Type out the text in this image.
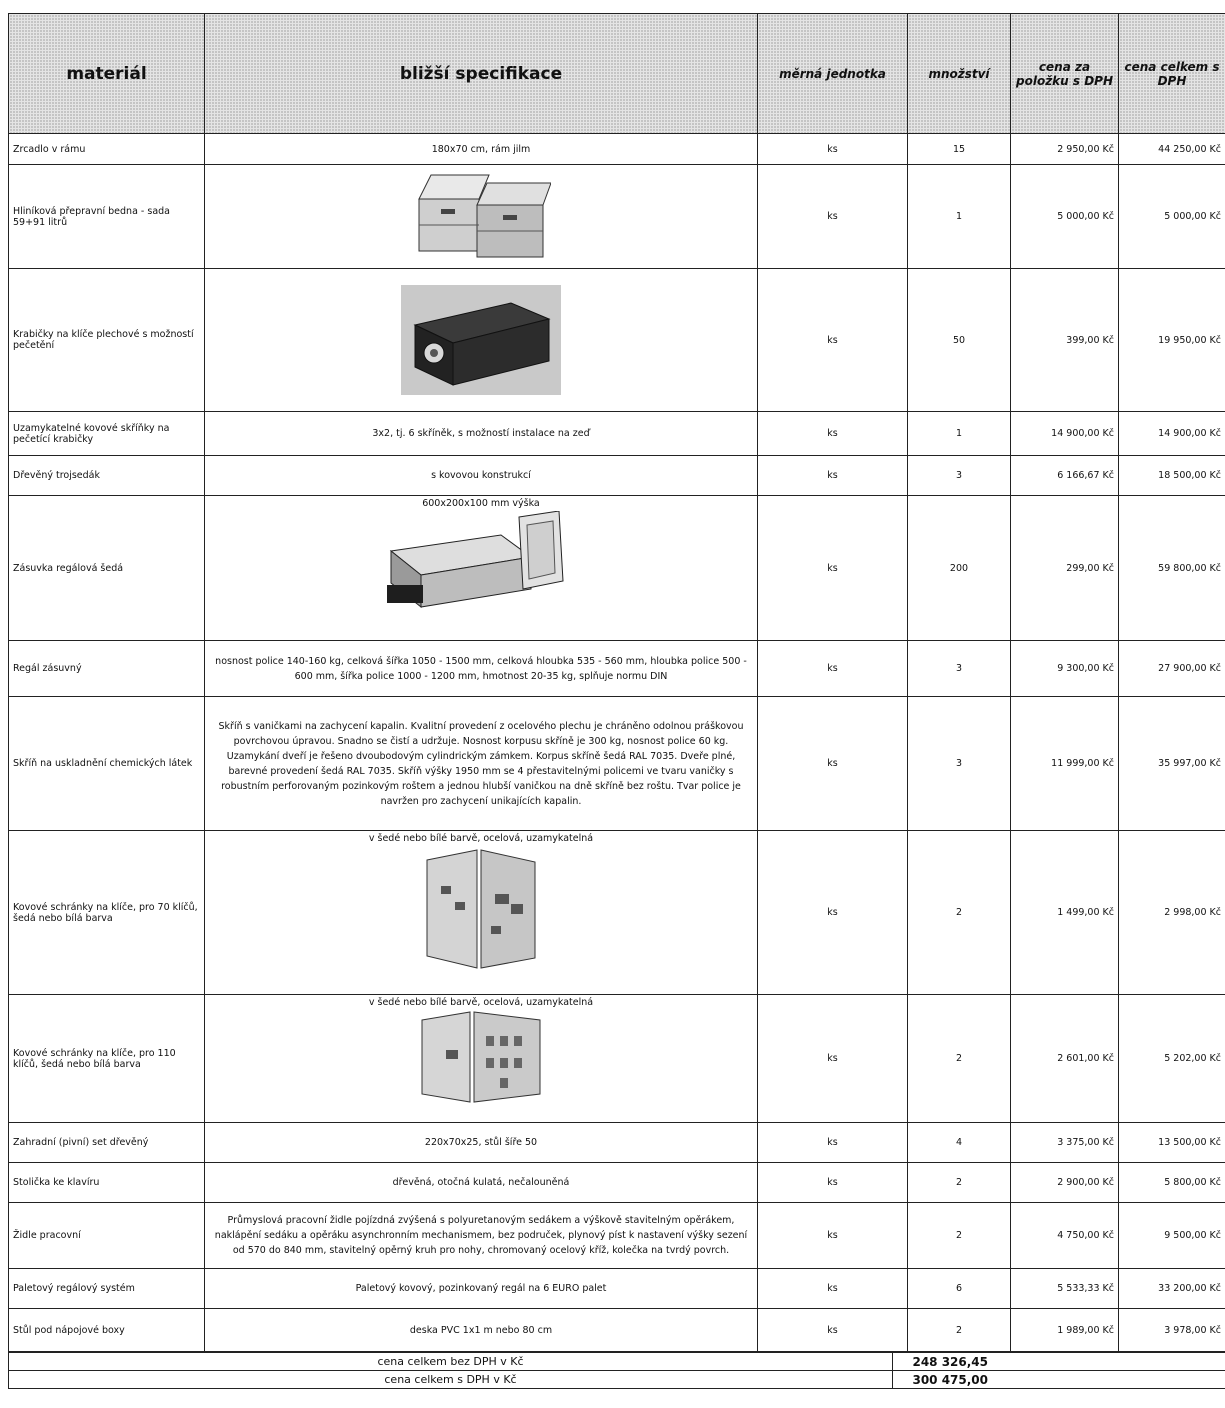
materiál	bližší specifikace	měrná jednotka	množství	cena za položku s DPH	cena celkem s DPH
Zrcadlo v rámu	180x70 cm, rám jilm	ks	15	2 950,00 Kč	44 250,00 Kč
Hliníková přepravní bedna - sada 59+91 litrů		ks	1	5 000,00 Kč	5 000,00 Kč
Krabičky na klíče plechové s možností pečetění		ks	50	399,00 Kč	19 950,00 Kč
Uzamykatelné kovové skříňky na pečetící krabičky	3x2, tj. 6 skříněk, s možností instalace na zeď	ks	1	14 900,00 Kč	14 900,00 Kč
Dřevěný trojsedák	s kovovou konstrukcí	ks	3	6 166,67 Kč	18 500,00 Kč
Zásuvka regálová šedá	600x200x100 mm výška	ks	200	299,00 Kč	59 800,00 Kč
Regál zásuvný	nosnost police 140-160 kg, celková šířka 1050 - 1500 mm, celková hloubka 535 - 560 mm, hloubka police 500 - 600 mm, šířka police 1000 - 1200 mm, hmotnost 20-35 kg, splňuje normu DIN	ks	3	9 300,00 Kč	27 900,00 Kč
Skříň na uskladnění chemických látek	Skříň s vaničkami na zachycení kapalin. Kvalitní provedení z ocelového plechu je chráněno odolnou práškovou povrchovou úpravou. Snadno se čistí a udržuje. Nosnost korpusu skříně je 300 kg, nosnost police 60 kg. Uzamykání dveří je řešeno dvoubodovým cylindrickým zámkem. Korpus skříně šedá RAL 7035. Dveře plné, barevné provedení šedá RAL 7035. Skříň výšky 1950 mm se 4 přestavitelnými policemi ve tvaru vaničky s robustním perforovaným pozinkovým roštem a jednou hlubší vaničkou na dně skříně bez roštu. Tvar police je navržen pro zachycení unikajících kapalin.	ks	3	11 999,00 Kč	35 997,00 Kč
Kovové schránky na klíče, pro 70 klíčů, šedá nebo bílá barva	v šedé nebo bílé barvě, ocelová, uzamykatelná	ks	2	1 499,00 Kč	2 998,00 Kč
Kovové schránky na klíče, pro 110 klíčů, šedá nebo bílá barva	v šedé nebo bílé barvě, ocelová, uzamykatelná	ks	2	2 601,00 Kč	5 202,00 Kč
Zahradní (pivní) set dřevěný	220x70x25, stůl šíře 50	ks	4	3 375,00 Kč	13 500,00 Kč
Stolička ke klavíru	dřevěná, otočná kulatá, nečalouněná	ks	2	2 900,00 Kč	5 800,00 Kč
Židle pracovní	Průmyslová pracovní židle pojízdná zvýšená s polyuretanovým sedákem a výškově stavitelným opěrákem, naklápění sedáku a opěráku asynchronním mechanismem, bez područek, plynový píst k nastavení výšky sezení od 570 do 840 mm, stavitelný opěrný kruh pro nohy, chromovaný ocelový kříž, kolečka na tvrdý povrch.	ks	2	4 750,00 Kč	9 500,00 Kč
Paletový regálový systém	Paletový kovový, pozinkovaný regál na 6 EURO palet	ks	6	5 533,33 Kč	33 200,00 Kč
Stůl pod nápojové boxy	deska PVC 1x1 m nebo 80 cm	ks	2	1 989,00 Kč	3 978,00 Kč
cena celkem bez DPH v Kč	248 326,45	
cena celkem s DPH v Kč	300 475,00	
